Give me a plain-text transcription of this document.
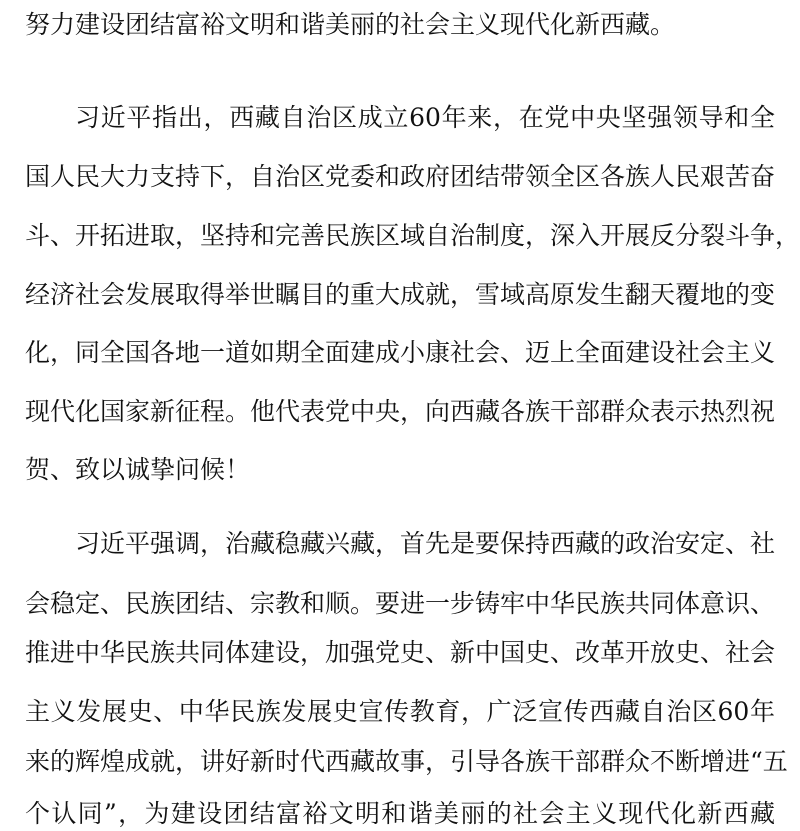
努力建设团结富裕文明和谐美丽的社会主义现代化新西藏。
习近平指出，西藏自治区成立60年来，在党中央坚强领导和全
国人民大力支持下，自治区党委和政府团结带领全区各族人民艰苦奋
斗、开拓进取，坚持和完善民族区域自治制度，深入开展反分裂斗争，
经济社会发展取得举世瞩目的重大成就，雪域高原发生翻天覆地的变
化，同全国各地一道如期全面建成小康社会、迈上全面建设社会主义
现代化国家新征程。他代表党中央，向西藏各族干部群众表示热烈祝
贺、致以诚挚问候！
习近平强调，治藏稳藏兴藏，首先是要保持西藏的政治安定、社
会稳定、民族团结、宗教和顺。要进一步铸牢中华民族共同体意识、
推进中华民族共同体建设，加强党史、新中国史、改革开放史、社会
主义发展史、中华民族发展史宣传教育，广泛宣传西藏自治区60年
来的辉煌成就，讲好新时代西藏故事，引导各族干部群众不断增进“五
个认同”，为建设团结富裕文明和谐美丽的社会主义现代化新西藏
